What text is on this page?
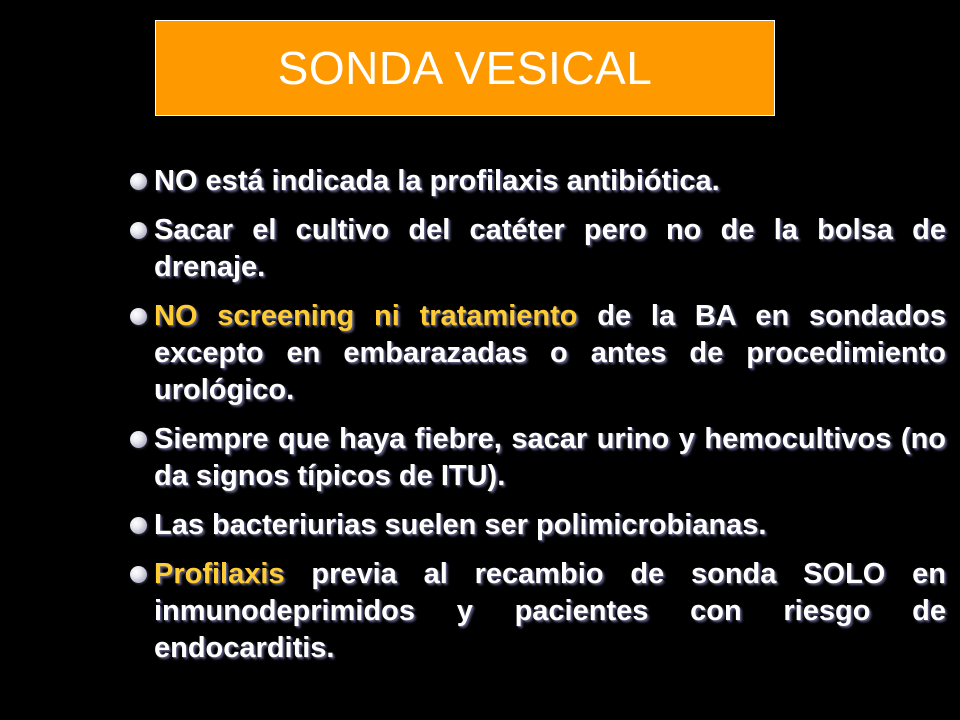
SONDA VESICAL
NO está indicada la profilaxis antibiótica.
Sacar el cultivo del catéter pero no de la bolsa de drenaje.
NO screening ni tratamiento de la BA en sondados excepto en embarazadas o antes de procedimiento urológico.
Siempre que haya fiebre, sacar urino y hemocultivos (no da signos típicos de ITU).
Las bacteriurias suelen ser polimicrobianas.
Profilaxis previa al recambio de sonda SOLO en inmunodeprimidos y pacientes con riesgo de endocarditis.
